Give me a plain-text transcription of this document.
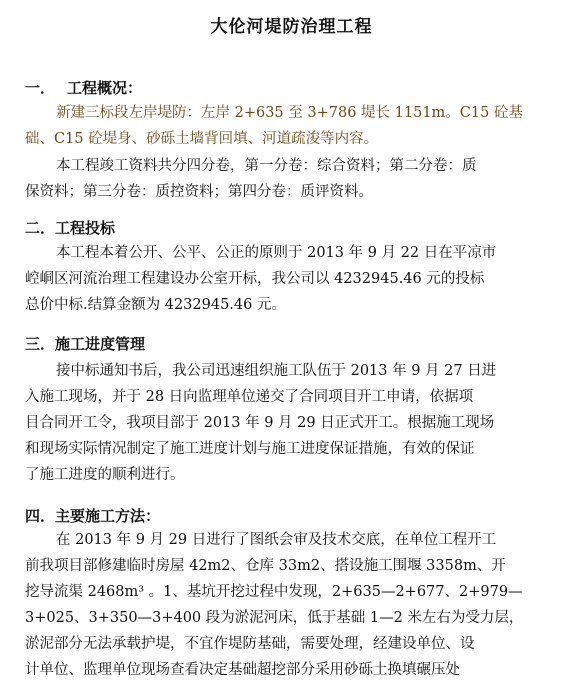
大伦河堤防治理工程
一． 工程概况：
新建三标段左岸堤防：左岸 2+635 至 3+786 堤长 1151m。C15 砼基
础、C15 砼堤身、砂砾土墙背回填、河道疏浚等内容。
本工程竣工资料共分四分卷，第一分卷：综合资料；第二分卷：质
保资料；第三分卷：质控资料；第四分卷：质评资料。
二．工程投标
本工程本着公开、公平、公正的原则于 2013 年 9 月 22 日在平凉市
崆峒区河流治理工程建设办公室开标，我公司以 4232945.46 元的投标
总价中标.结算金额为 4232945.46 元。
三．施工进度管理
接中标通知书后，我公司迅速组织施工队伍于 2013 年 9 月 27 日进
入施工现场，并于 28 日向监理单位递交了合同项目开工申请，依据项
目合同开工令，我项目部于 2013 年 9 月 29 日正式开工。根据施工现场
和现场实际情况制定了施工进度计划与施工进度保证措施，有效的保证
了施工进度的顺利进行。
四．主要施工方法：
在 2013 年 9 月 29 日进行了图纸会审及技术交底，在单位工程开工
前我项目部修建临时房屋 42m2、仓库 33m2、搭设施工围堰 3358m、开
挖导流渠 2468m³ 。1、基坑开挖过程中发现，2+635—2+677、2+979—
3+025、3+350—3+400 段为淤泥河床，低于基础 1—2 米左右为受力层，
淤泥部分无法承载护堤，不宜作堤防基础，需要处理，经建设单位、设
计单位、监理单位现场查看决定基础超挖部分采用砂砾土换填碾压处
